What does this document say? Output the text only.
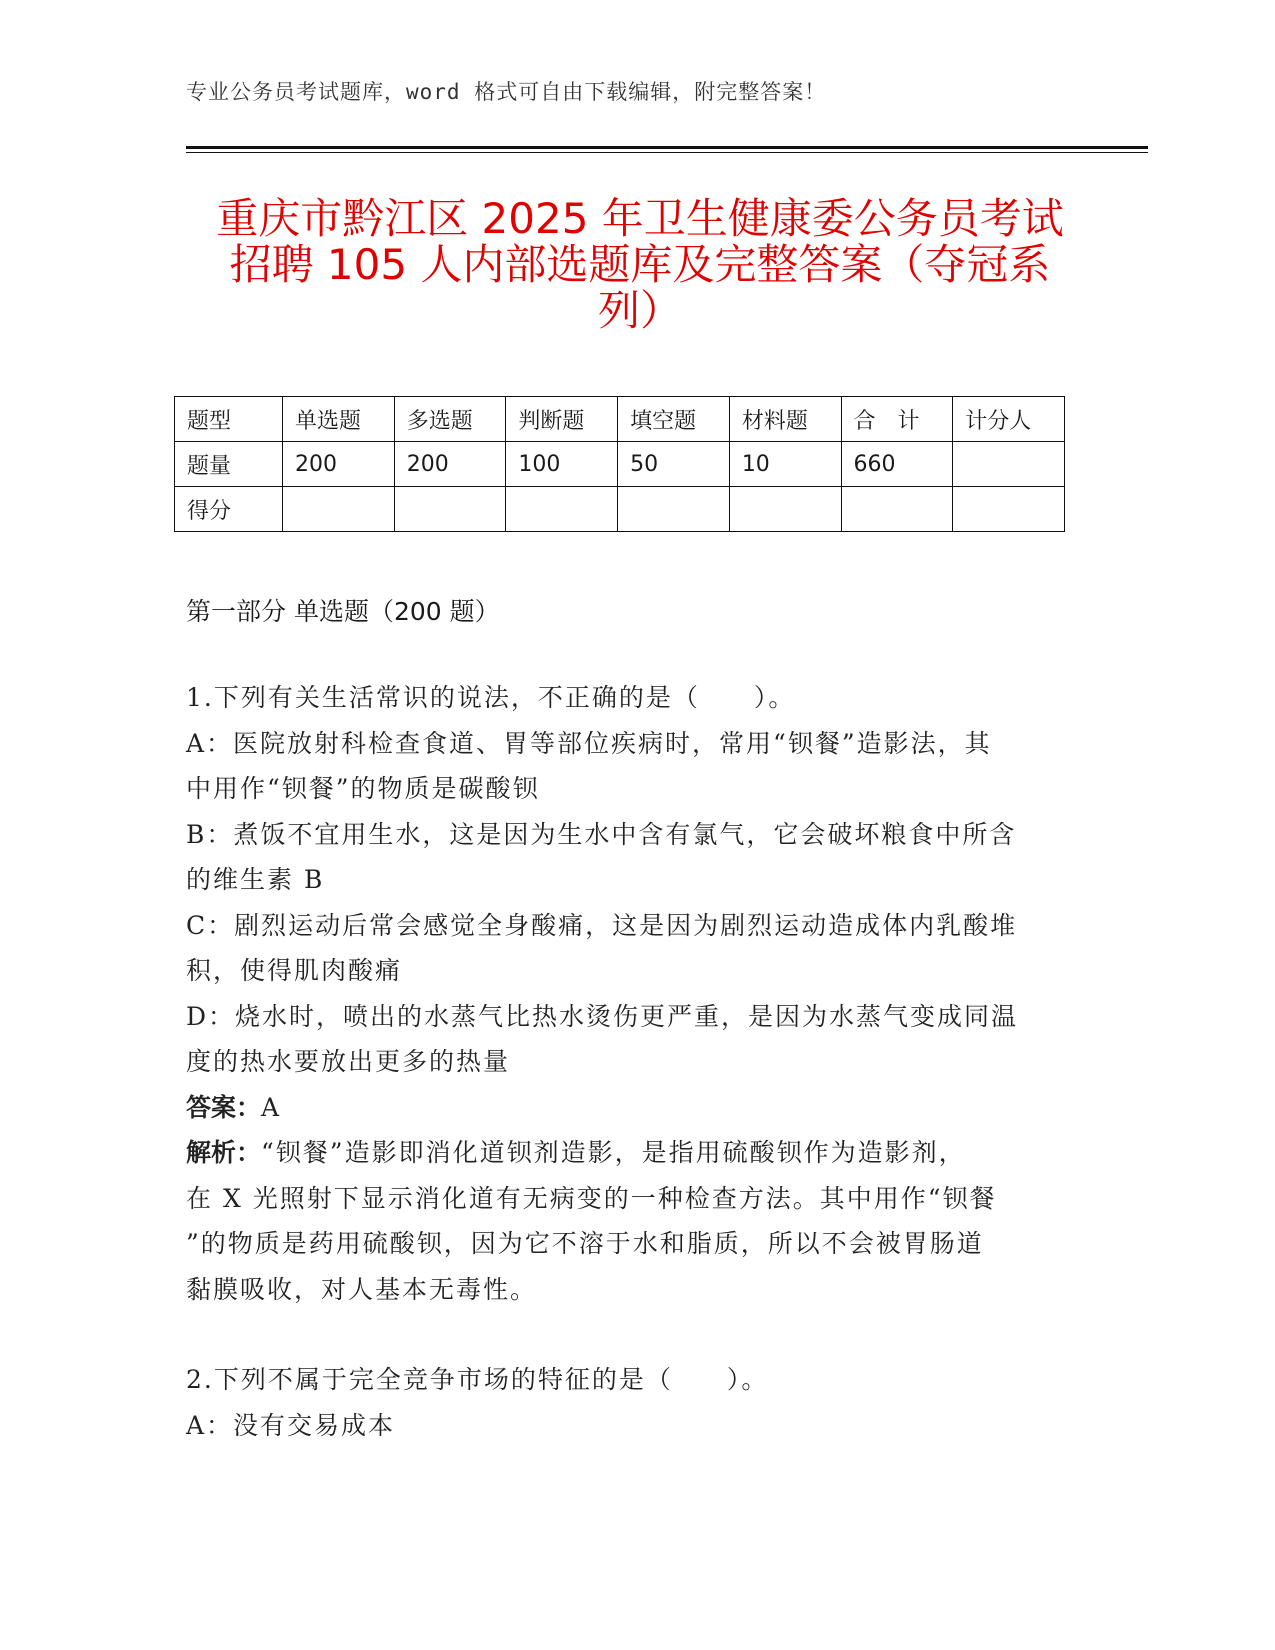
专业公务员考试题库，word 格式可自由下载编辑，附完整答案！
重庆市黔江区 2025 年卫生健康委公务员考试
招聘 105 人内部选题库及完整答案（夺冠系
列）
题型	单选题	多选题	判断题	填空题	材料题	合　计	计分人
题量	200	200	100	50	10	660	
得分							
第一部分 单选题（200 题）
1.下列有关生活常识的说法，不正确的是（　　）。
A：医院放射科检查食道、胃等部位疾病时，常用“钡餐”造影法，其
中用作“钡餐”的物质是碳酸钡
B：煮饭不宜用生水，这是因为生水中含有氯气，它会破坏粮食中所含
的维生素 B
C：剧烈运动后常会感觉全身酸痛，这是因为剧烈运动造成体内乳酸堆
积，使得肌肉酸痛
D：烧水时，喷出的水蒸气比热水烫伤更严重，是因为水蒸气变成同温
度的热水要放出更多的热量
答案：A
解析：“钡餐”造影即消化道钡剂造影，是指用硫酸钡作为造影剂，
在 X 光照射下显示消化道有无病变的一种检查方法。其中用作“钡餐
”的物质是药用硫酸钡，因为它不溶于水和脂质，所以不会被胃肠道
黏膜吸收，对人基本无毒性。
2.下列不属于完全竞争市场的特征的是（　　）。
A：没有交易成本
